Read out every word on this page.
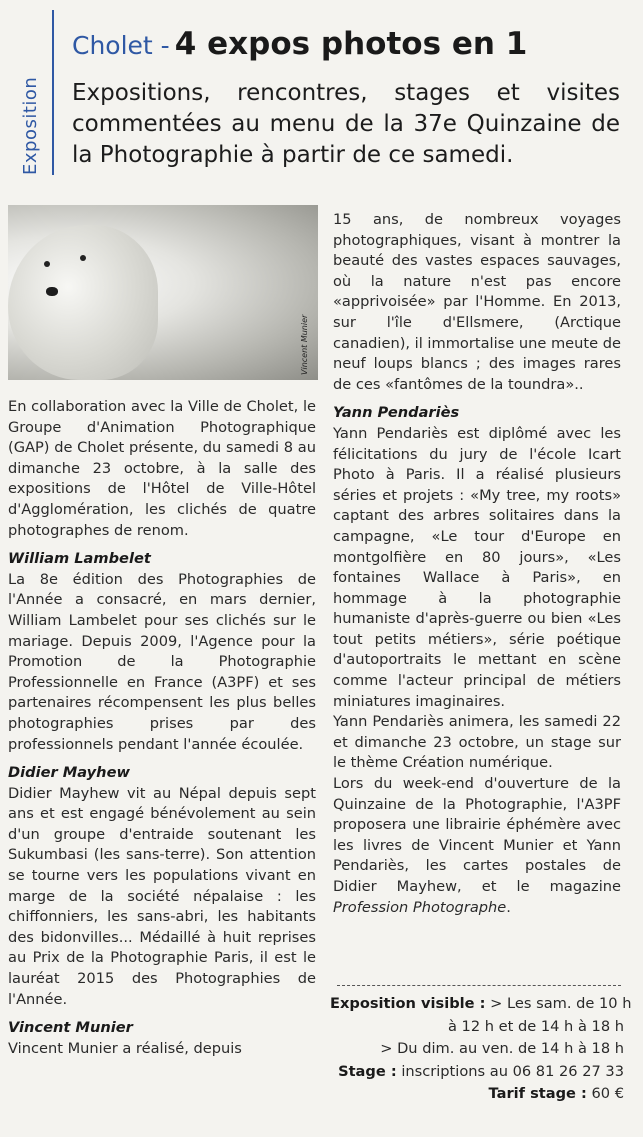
Exposition
Cholet - 4 expos photos en 1
Expositions, rencontres, stages et visites commentées au menu de la 37e Quinzaine de la Photographie à partir de ce samedi.
Vincent Munier

En collaboration avec la Ville de Cholet, le Groupe d'Animation Photographique (GAP) de Cholet présente, du samedi 8 au dimanche 23 octobre, à la salle des expositions de l'Hôtel de Ville-Hôtel d'Agglomération, les clichés de quatre photographes de renom.

William Lambelet

La 8e édition des Photographies de l'Année a consacré, en mars dernier, William Lambelet pour ses clichés sur le mariage. Depuis 2009, l'Agence pour la Promotion de la Photographie Professionnelle en France (A3PF) et ses partenaires récompensent les plus belles photographies prises par des professionnels pendant l'année écoulée.

Didier Mayhew

Didier Mayhew vit au Népal depuis sept ans et est engagé bénévolement au sein d'un groupe d'entraide soutenant les Sukumbasi (les sans-terre). Son attention se tourne vers les populations vivant en marge de la société népalaise : les chiffonniers, les sans-abri, les habitants des bidonvilles... Médaillé à huit reprises au Prix de la Photographie Paris, il est le lauréat 2015 des Photographies de l'Année.

Vincent Munier

Vincent Munier a réalisé, depuis

15 ans, de nombreux voyages photographiques, visant à montrer la beauté des vastes espaces sauvages, où la nature n'est pas encore «apprivoisée» par l'Homme. En 2013, sur l'île d'Ellsmere, (Arctique canadien), il immortalise une meute de neuf loups blancs ; des images rares de ces «fantômes de la toundra»..

Yann Pendariès

Yann Pendariès est diplômé avec les félicitations du jury de l'école Icart Photo à Paris. Il a réalisé plusieurs séries et projets : «My tree, my roots» captant des arbres solitaires dans la campagne, «Le tour d'Europe en montgolfière en 80 jours», «Les fontaines Wallace à Paris», en hommage à la photographie humaniste d'après-guerre ou bien «Les tout petits métiers», série poétique d'autoportraits le mettant en scène comme l'acteur principal de métiers miniatures imaginaires.

Yann Pendariès animera, les samedi 22 et dimanche 23 octobre, un stage sur le thème Création numérique.

Lors du week-end d'ouverture de la Quinzaine de la Photographie, l'A3PF proposera une librairie éphémère avec les livres de Vincent Munier et Yann Pendariès, les cartes postales de Didier Mayhew, et le magazine Profession Photographe.

Exposition visible : > Les sam. de 10 h
à 12 h et de 14 h à 18 h
> Du dim. au ven. de 14 h à 18 h
Stage : inscriptions au 06 81 26 27 33
Tarif stage : 60 €
